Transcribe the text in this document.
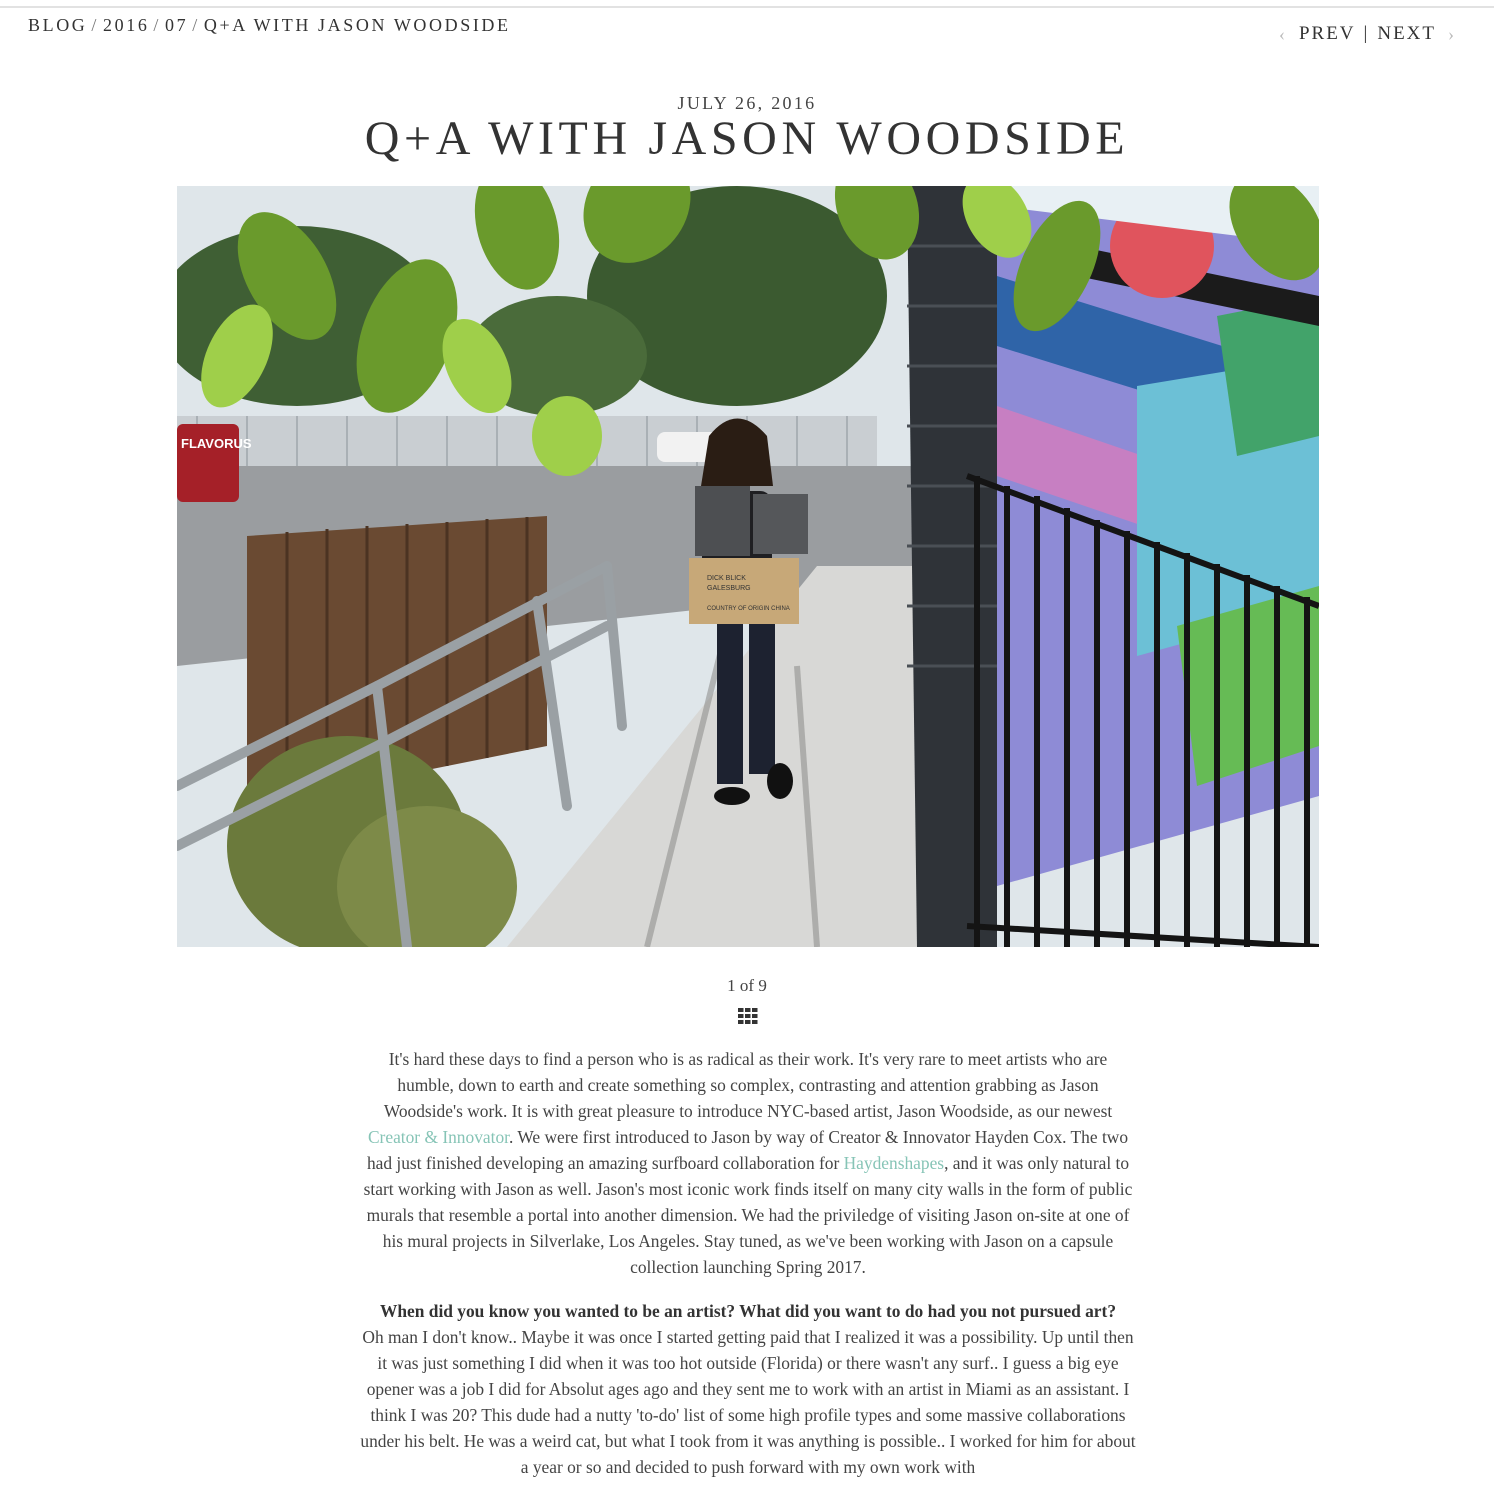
BLOG / 2016 / 07 / Q+A WITH JASON WOODSIDE	‹ PREV | NEXT ›
JULY 26, 2016
Q+A WITH JASON WOODSIDE
FLAVORUS
DICK BLICK
GALESBURG
COUNTRY OF ORIGIN CHINA
1 of 9

It's hard these days to find a person who is as radical as their work. It's very rare to meet artists who are humble, down to earth and create something so complex, contrasting and attention grabbing as Jason Woodside's work. It is with great pleasure to introduce NYC-based artist, Jason Woodside, as our newest Creator & Innovator. We were first introduced to Jason by way of Creator & Innovator Hayden Cox. The two had just finished developing an amazing surfboard collaboration for Haydenshapes, and it was only natural to start working with Jason as well. Jason's most iconic work finds itself on many city walls in the form of public murals that resemble a portal into another dimension. We had the priviledge of visiting Jason on-site at one of his mural projects in Silverlake, Los Angeles. Stay tuned, as we've been working with Jason on a capsule collection launching Spring 2017.

When did you know you wanted to be an artist? What did you want to do had you not pursued art?

Oh man I don't know.. Maybe it was once I started getting paid that I realized it was a possibility. Up until then it was just something I did when it was too hot outside (Florida) or there wasn't any surf.. I guess a big eye opener was a job I did for Absolut ages ago and they sent me to work with an artist in Miami as an assistant. I think I was 20? This dude had a nutty 'to-do' list of some high profile types and some massive collaborations under his belt. He was a weird cat, but what I took from it was anything is possible.. I worked for him for about a year or so and decided to push forward with my own work with
